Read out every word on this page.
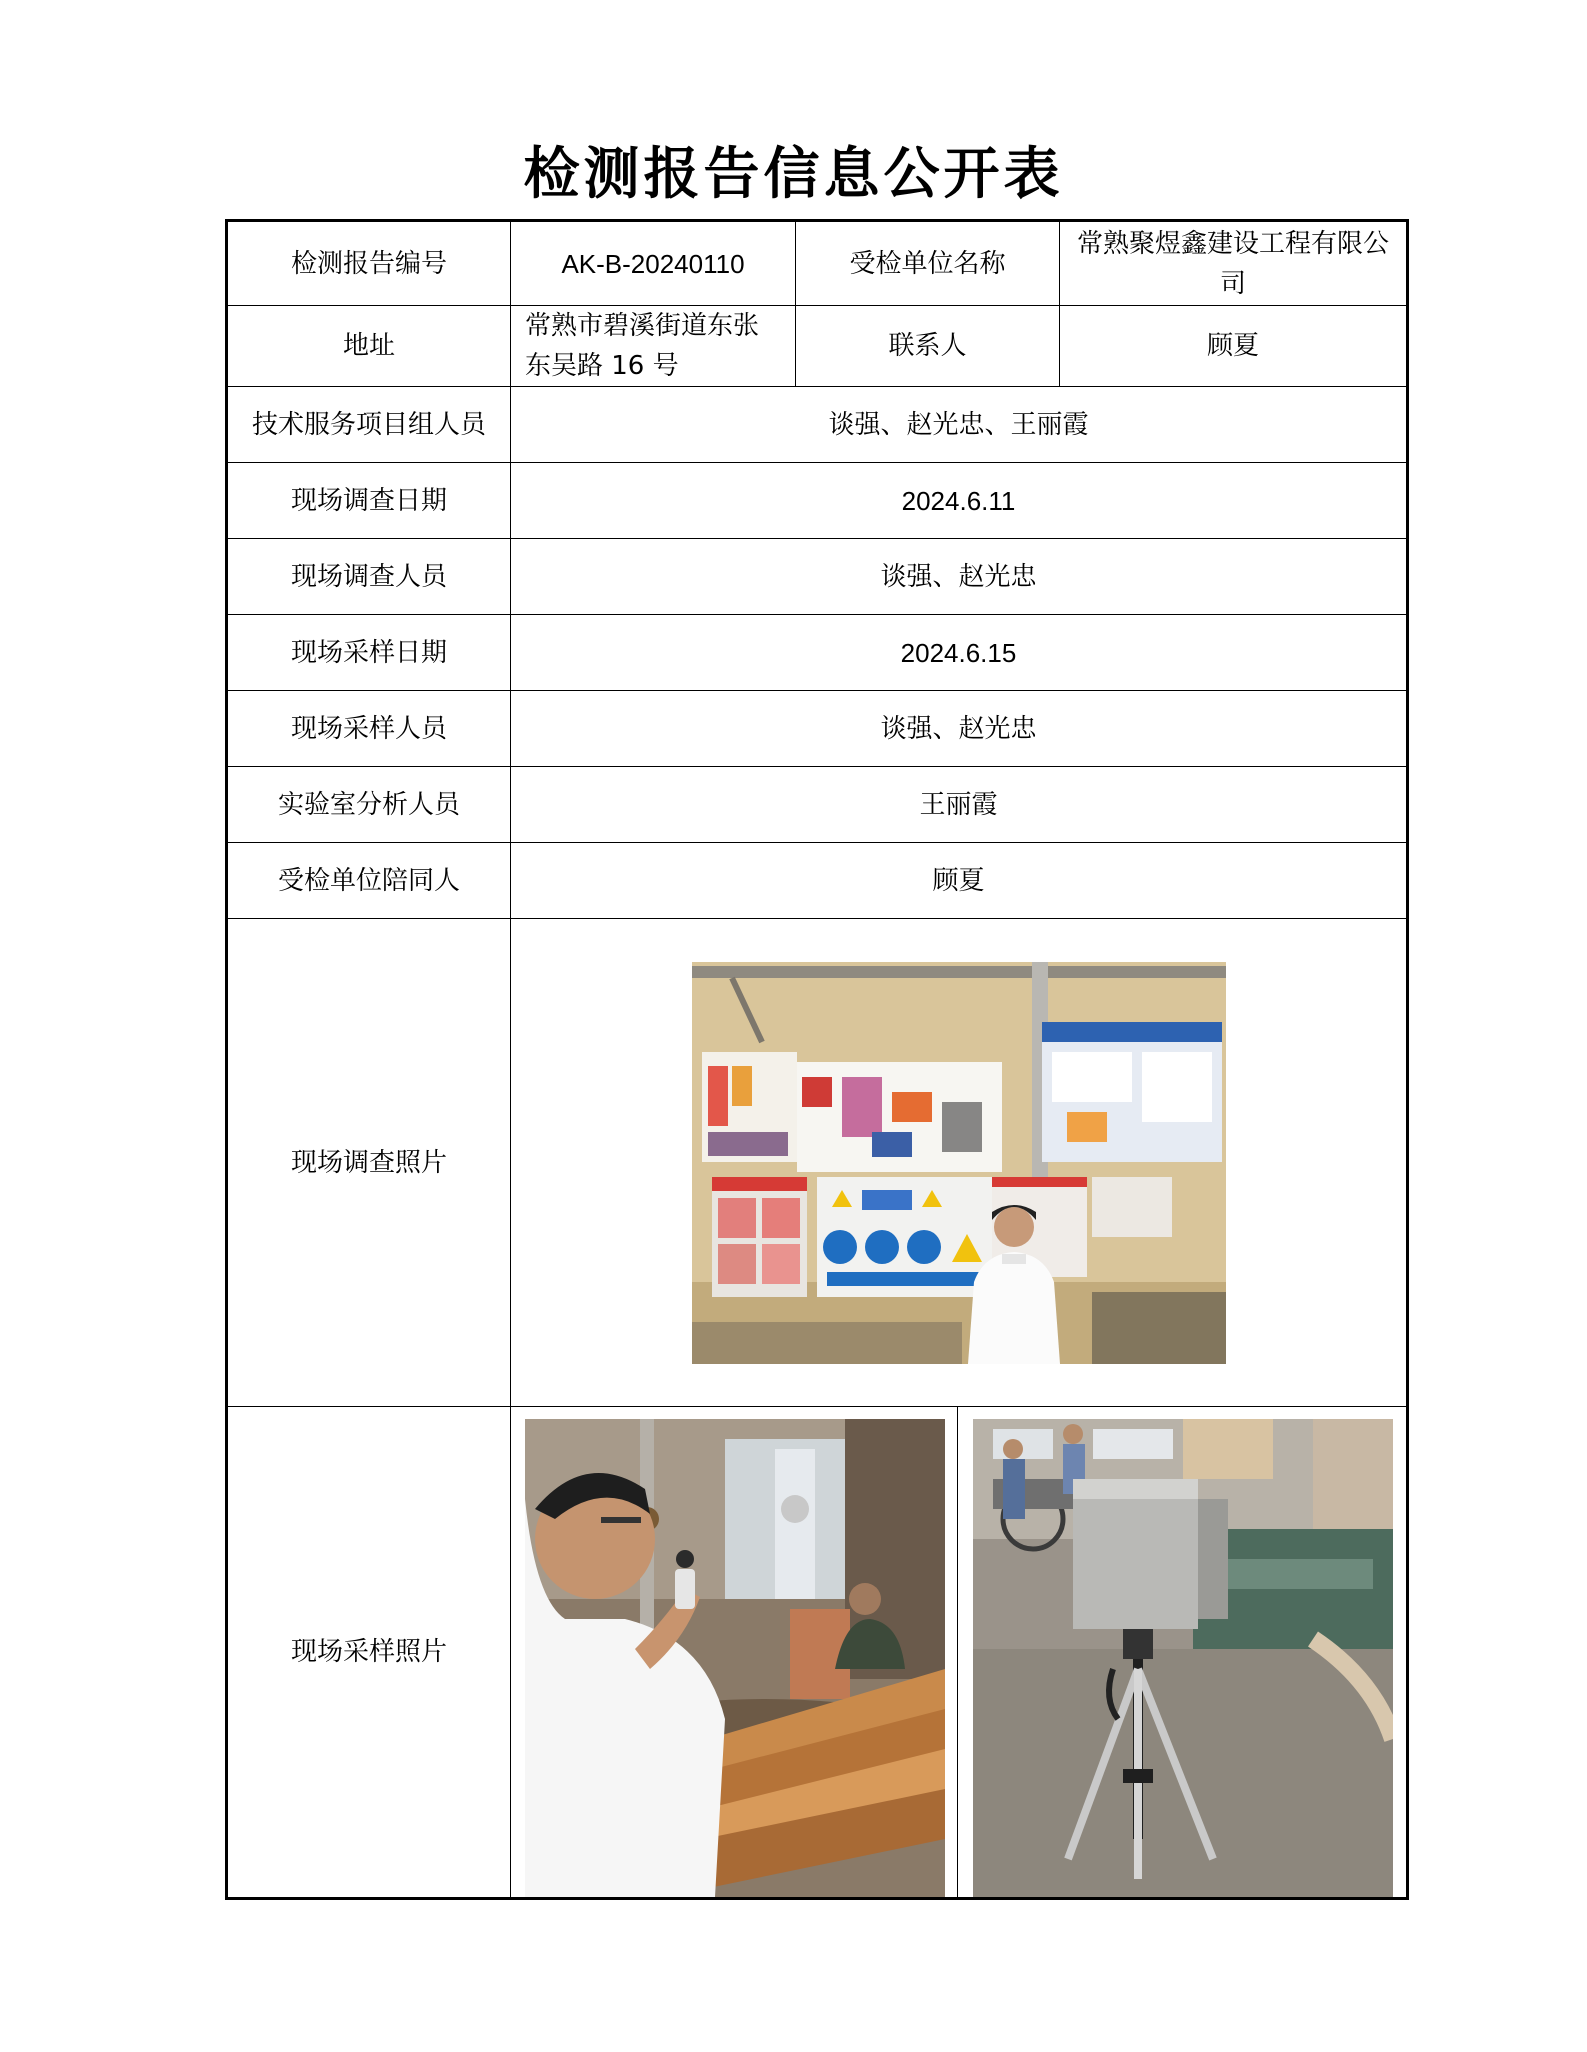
检测报告信息公开表
检测报告编号	AK-B-20240110	受检单位名称	常熟聚煜鑫建设工程有限公司
地址	常熟市碧溪街道东张东吴路 16 号	联系人	顾夏
技术服务项目组人员	谈强、赵光忠、王丽霞		
现场调查日期	2024.6.11		
现场调查人员	谈强、赵光忠		
现场采样日期	2024.6.15		
现场采样人员	谈强、赵光忠		
实验室分析人员	王丽霞		
受检单位陪同人	顾夏		
现场调查照片	

现场采样照片	
